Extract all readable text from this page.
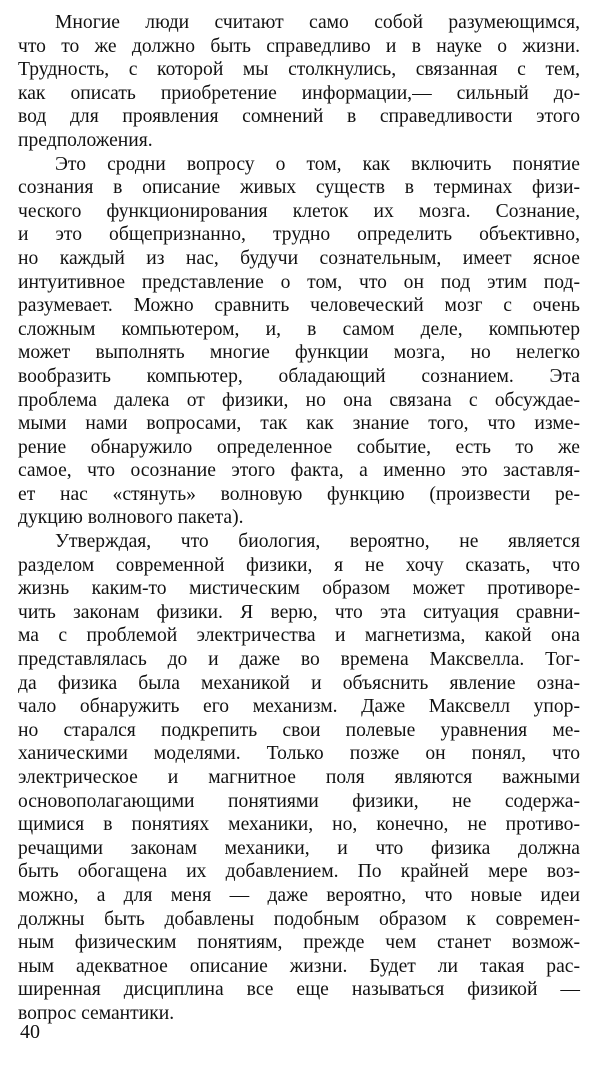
Многие люди считают само собой разумеющимся,
что то же должно быть справедливо и в науке о жизни.
Трудность, с которой мы столкнулись, связанная с тем,
как описать приобретение информации,— сильный до-
вод для проявления сомнений в справедливости этого
предположения.
Это сродни вопросу о том, как включить понятие
сознания в описание живых существ в терминах физи-
ческого функционирования клеток их мозга. Сознание,
и это общепризнанно, трудно определить объективно,
но каждый из нас, будучи сознательным, имеет ясное
интуитивное представление о том, что он под этим под-
разумевает. Можно сравнить человеческий мозг с очень
сложным компьютером, и, в самом деле, компьютер
может выполнять многие функции мозга, но нелегко
вообразить компьютер, обладающий сознанием. Эта
проблема далека от физики, но она связана с обсуждае-
мыми нами вопросами, так как знание того, что изме-
рение обнаружило определенное событие, есть то же
самое, что осознание этого факта, а именно это заставля-
ет нас «стянуть» волновую функцию (произвести ре-
дукцию волнового пакета).
Утверждая, что биология, вероятно, не является
разделом современной физики, я не хочу сказать, что
жизнь каким-то мистическим образом может противоре-
чить законам физики. Я верю, что эта ситуация сравни-
ма с проблемой электричества и магнетизма, какой она
представлялась до и даже во времена Максвелла. Тог-
да физика была механикой и объяснить явление озна-
чало обнаружить его механизм. Даже Максвелл упор-
но старался подкрепить свои полевые уравнения ме-
ханическими моделями. Только позже он понял, что
электрическое и магнитное поля являются важными
основополагающими понятиями физики, не содержа-
щимися в понятиях механики, но, конечно, не противо-
речащими законам механики, и что физика должна
быть обогащена их добавлением. По крайней мере воз-
можно, а для меня — даже вероятно, что новые идеи
должны быть добавлены подобным образом к современ-
ным физическим понятиям, прежде чем станет возмож-
ным адекватное описание жизни. Будет ли такая рас-
ширенная дисциплина все еще называться физикой —
вопрос семантики.
40
